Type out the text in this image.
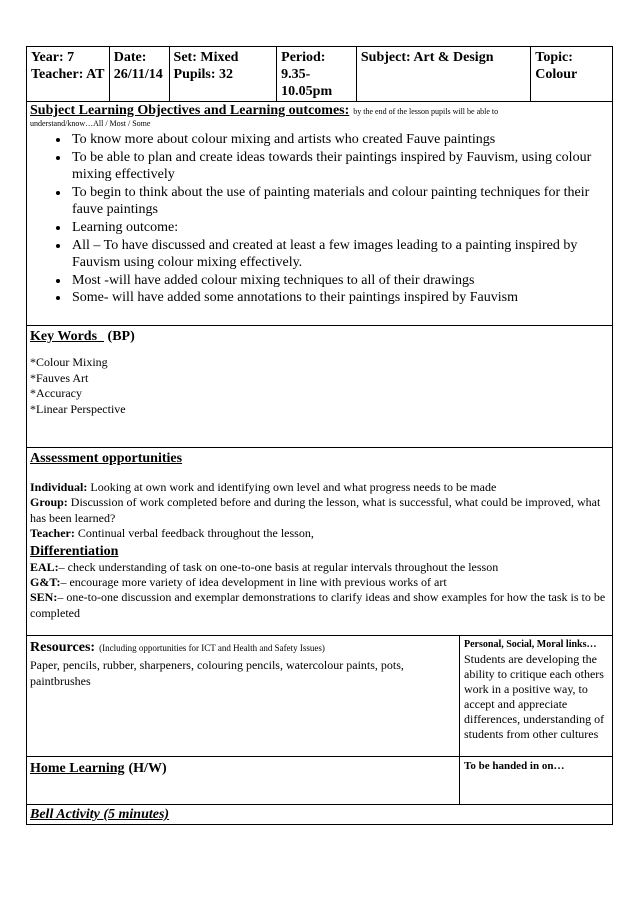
Year: 7 Teacher: AT
Date: 26/11/14
Set: Mixed Pupils: 32
Period: 9.35-10.05pm
Subject: Art & Design	Topic: Colour
Subject Learning Objectives and Learning outcomes: by the end of the lesson pupils will be able to
understand/know…All / Most / Some
• To know more about colour mixing and artists who created Fauve paintings
• To be able to plan and create ideas towards their paintings inspired by Fauvism, using colour mixing effectively
• To begin to think about the use of painting materials and colour painting techniques for their fauve paintings
• Learning outcome:
• All – To have discussed and created at least a few images leading to a painting inspired by Fauvism using colour mixing effectively.
• Most -will have added colour mixing techniques to all of their drawings
• Some- will have added some annotations to their paintings inspired by Fauvism
Key Words (BP)
*Colour Mixing
*Fauves Art
*Accuracy
*Linear Perspective
Assessment opportunities
Individual: Looking at own work and identifying own level and what progress needs to be made
Group: Discussion of work completed before and during the lesson, what is successful, what could be improved, what has been learned?
Teacher: Continual verbal feedback throughout the lesson,
Differentiation
EAL:– check understanding of task on one-to-one basis at regular intervals throughout the lesson
G&T:– encourage more variety of idea development in line with previous works of art
SEN:– one-to-one discussion and exemplar demonstrations to clarify ideas and show examples for how the task is to be completed
Resources: (Including opportunities for ICT and Health and Safety Issues)
Paper, pencils, rubber, sharpeners, colouring pencils, watercolour paints, pots, paintbrushes
Personal, Social, Moral links…
Students are developing the ability to critique each others work in a positive way, to accept and appreciate differences, understanding of students from other cultures
Home Learning (H/W)	To be handed in on…
Bell Activity (5 minutes)
